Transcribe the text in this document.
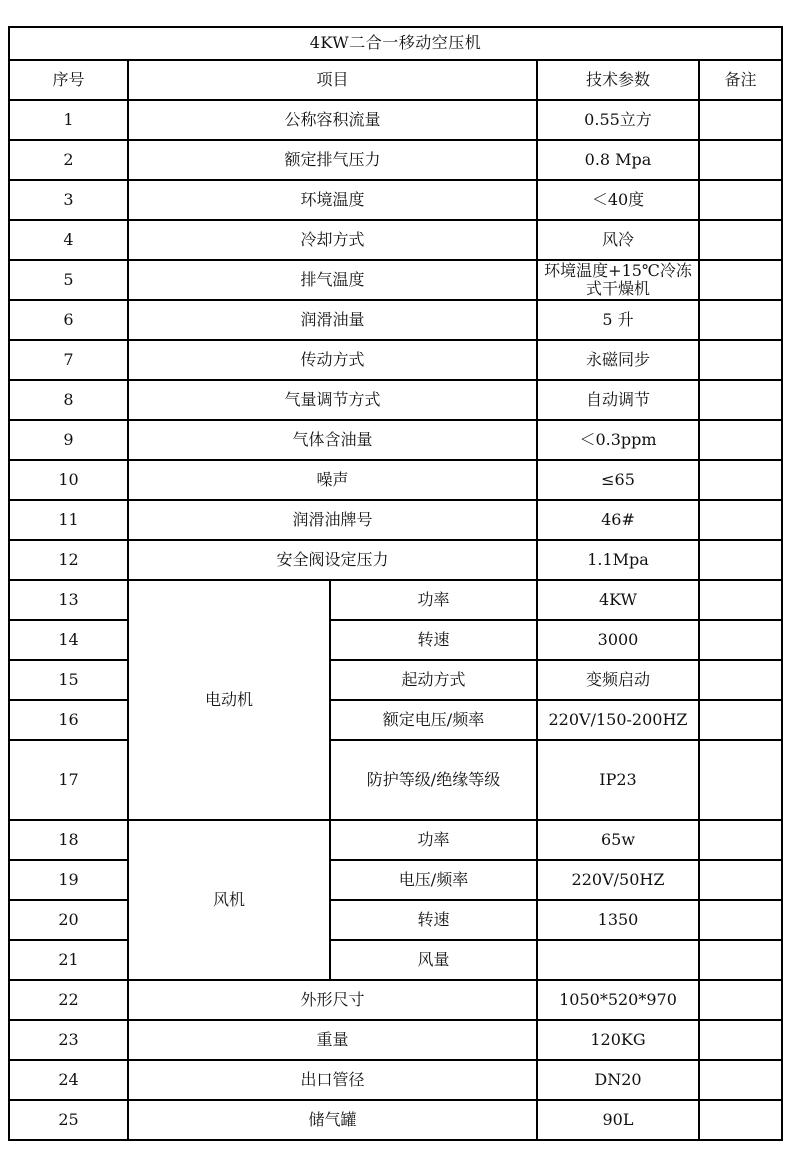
4KW二合一移动空压机				
序号	项目		技术参数	备注
1	公称容积流量		0.55立方	
2	额定排气压力		0.8 Mpa	
3	环境温度		＜40度	
4	冷却方式		风冷	
5	排气温度		环境温度+15℃冷冻式干燥机	
6	润滑油量		5 升	
7	传动方式		永磁同步	
8	气量调节方式		自动调节	
9	气体含油量		＜0.3ppm	
10	噪声		≤65	
11	润滑油牌号		46#	
12	安全阀设定压力		1.1Mpa	
13	电动机	功率	4KW	
14		转速	3000	
15		起动方式	变频启动	
16		额定电压/频率	220V/150-200HZ	
17		防护等级/绝缘等级	IP23	
18	风机	功率	65w	
19		电压/频率	220V/50HZ	
20		转速	1350	
21		风量		
22	外形尺寸		1050*520*970	
23	重量		120KG	
24	出口管径		DN20	
25	储气罐		90L	
